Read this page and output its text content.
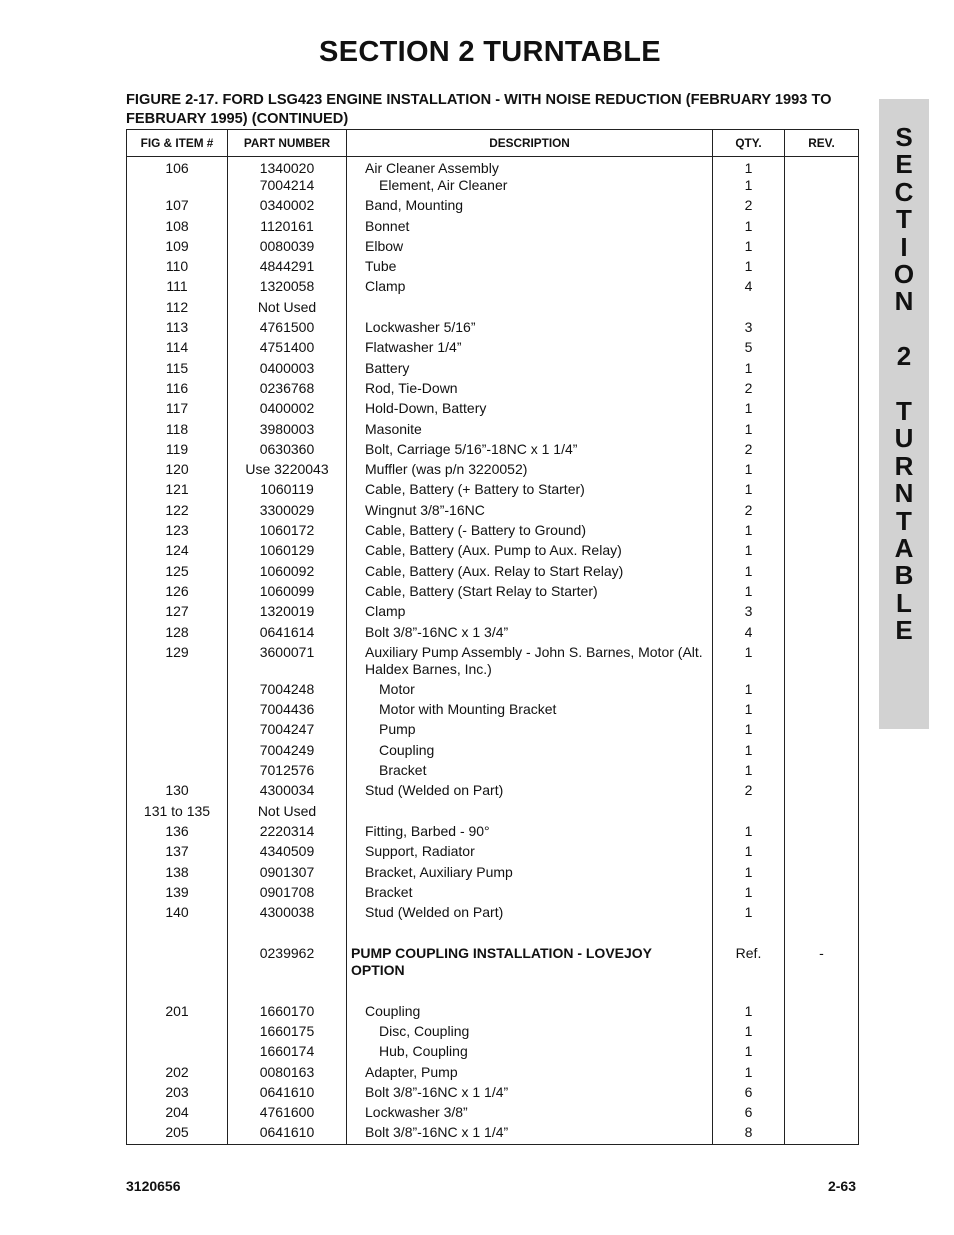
SECTION 2 TURNTABLE
FIGURE 2-17. FORD LSG423 ENGINE INSTALLATION - WITH NOISE REDUCTION (FEBRUARY 1993 TO FEBRUARY 1995) (CONTINUED)
FIG & ITEM #	PART NUMBER	DESCRIPTION	QTY.	REV.
106	1340020	Air Cleaner Assembly	1	
	7004214	Element, Air Cleaner	1	
107	0340002	Band, Mounting	2	
108	1120161	Bonnet	1	
109	0080039	Elbow	1	
110	4844291	Tube	1	
111	1320058	Clamp	4	
112	Not Used			
113	4761500	Lockwasher 5/16”	3	
114	4751400	Flatwasher 1/4”	5	
115	0400003	Battery	1	
116	0236768	Rod, Tie-Down	2	
117	0400002	Hold-Down, Battery	1	
118	3980003	Masonite	1	
119	0630360	Bolt, Carriage 5/16”-18NC x 1 1/4”	2	
120	Use 3220043	Muffler (was p/n 3220052)	1	
121	1060119	Cable, Battery (+ Battery to Starter)	1	
122	3300029	Wingnut 3/8”-16NC	2	
123	1060172	Cable, Battery (- Battery to Ground)	1	
124	1060129	Cable, Battery (Aux. Pump to Aux. Relay)	1	
125	1060092	Cable, Battery (Aux. Relay to Start Relay)	1	
126	1060099	Cable, Battery (Start Relay to Starter)	1	
127	1320019	Clamp	3	
128	0641614	Bolt 3/8”-16NC x 1 3/4”	4	
129	3600071	Auxiliary Pump Assembly - John S. Barnes, Motor (Alt. Haldex Barnes, Inc.)	1	
	7004248	Motor	1	
	7004436	Motor with Mounting Bracket	1	
	7004247	Pump	1	
	7004249	Coupling	1	
	7012576	Bracket	1	
130	4300034	Stud (Welded on Part)	2	
131 to 135	Not Used			
136	2220314	Fitting, Barbed - 90°	1	
137	4340509	Support, Radiator	1	
138	0901307	Bracket, Auxiliary Pump	1	
139	0901708	Bracket	1	
140	4300038	Stud (Welded on Part)	1	

	0239962	PUMP COUPLING INSTALLATION - LOVEJOY OPTION	Ref.	-
201	1660170	Coupling	1	
	1660175	Disc, Coupling	1	
	1660174	Hub, Coupling	1	
202	0080163	Adapter, Pump	1	
203	0641610	Bolt 3/8”-16NC x 1 1/4”	6	
204	4761600	Lockwasher 3/8”	6	
205	0641610	Bolt 3/8”-16NC x 1 1/4”	8	
S
E
C
T
I
O
N
2
T
U
R
N
T
A
B
L
E
3120656	2-63
